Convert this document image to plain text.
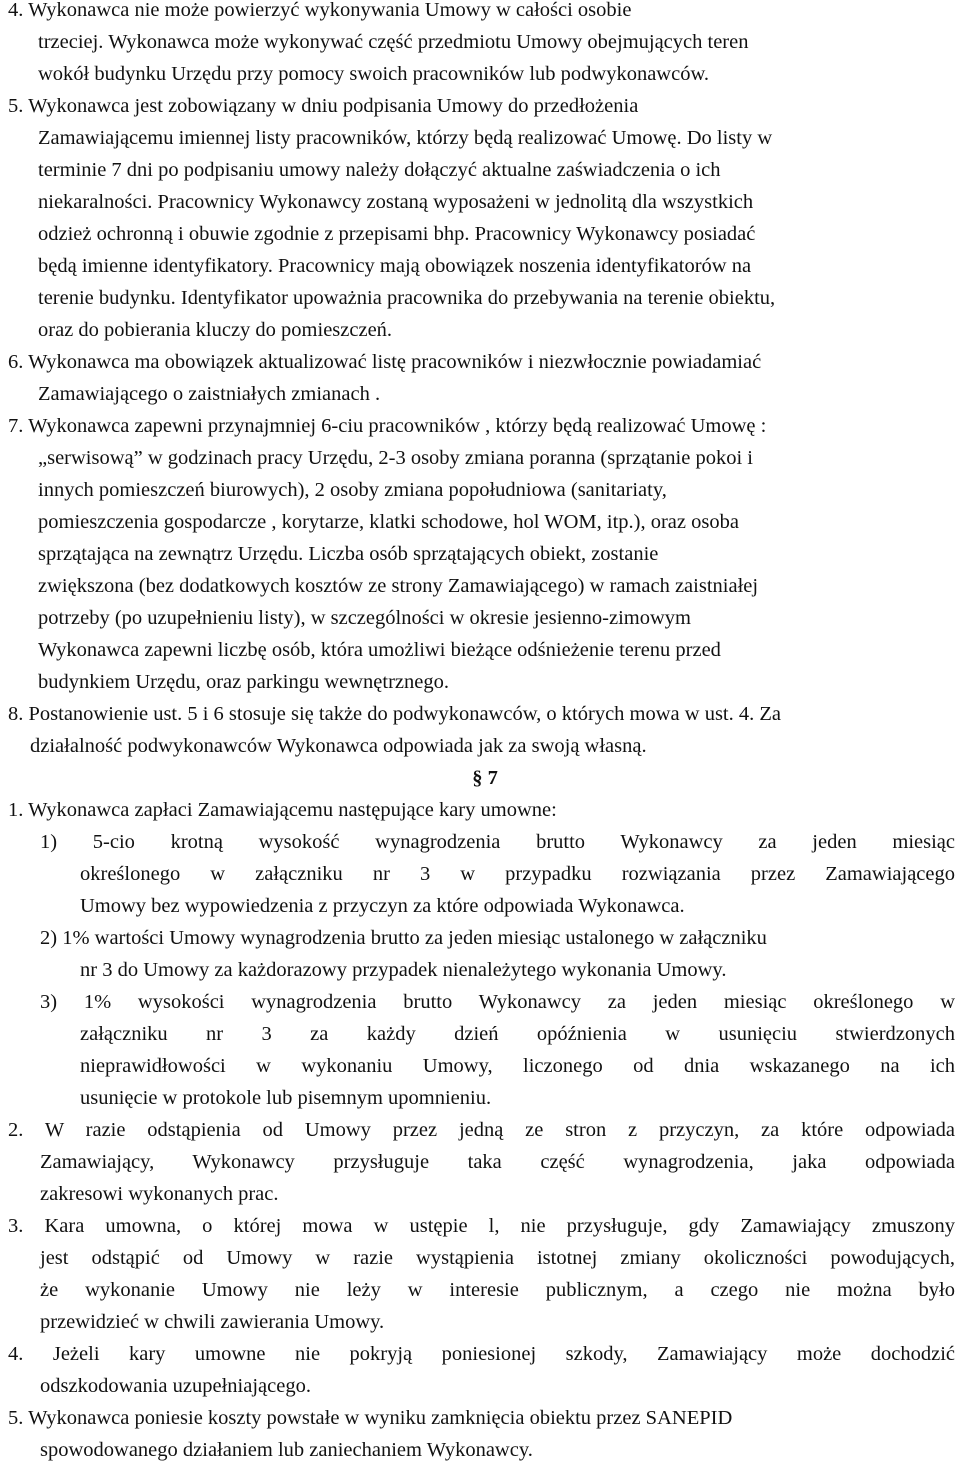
4. Wykonawca nie może powierzyć wykonywania Umowy w całości osobie
trzeciej. Wykonawca może wykonywać część przedmiotu Umowy obejmujących teren
wokół budynku Urzędu przy pomocy swoich pracowników lub podwykonawców.
5. Wykonawca jest zobowiązany w dniu podpisania Umowy do przedłożenia
Zamawiającemu imiennej listy pracowników, którzy będą realizować Umowę. Do listy w
terminie 7 dni po podpisaniu umowy należy dołączyć aktualne zaświadczenia o ich
niekaralności. Pracownicy Wykonawcy zostaną wyposażeni w jednolitą dla wszystkich
odzież ochronną i obuwie zgodnie z przepisami bhp. Pracownicy Wykonawcy posiadać
będą imienne identyfikatory. Pracownicy mają obowiązek noszenia identyfikatorów na
terenie budynku. Identyfikator upoważnia pracownika do przebywania na terenie obiektu,
oraz do pobierania kluczy do pomieszczeń.
6. Wykonawca ma obowiązek aktualizować listę pracowników i niezwłocznie powiadamiać
Zamawiającego o zaistniałych zmianach .
7. Wykonawca zapewni przynajmniej 6-ciu pracowników , którzy będą realizować Umowę :
„serwisową” w godzinach pracy Urzędu, 2-3 osoby zmiana poranna (sprzątanie pokoi i
innych pomieszczeń biurowych), 2 osoby zmiana popołudniowa (sanitariaty,
pomieszczenia gospodarcze , korytarze, klatki schodowe, hol WOM, itp.), oraz osoba
sprzątająca na zewnątrz Urzędu. Liczba osób sprzątających obiekt, zostanie
zwiększona (bez dodatkowych kosztów ze strony Zamawiającego) w ramach zaistniałej
potrzeby (po uzupełnieniu listy), w szczególności w okresie jesienno-zimowym
Wykonawca zapewni liczbę osób, która umożliwi bieżące odśnieżenie terenu przed
budynkiem Urzędu, oraz parkingu wewnętrznego.
8. Postanowienie ust. 5 i 6 stosuje się także do podwykonawców, o których mowa w ust. 4. Za
działalność podwykonawców Wykonawca odpowiada jak za swoją własną.
§ 7
1. Wykonawca zapłaci Zamawiającemu następujące kary umowne:
1) 5-cio krotną wysokość wynagrodzenia brutto Wykonawcy za jeden miesiąc
określonego w załączniku nr 3 w przypadku rozwiązania przez Zamawiającego
Umowy bez wypowiedzenia z przyczyn za które odpowiada Wykonawca.
2) 1% wartości Umowy wynagrodzenia brutto za jeden miesiąc ustalonego w załączniku
nr 3 do Umowy za każdorazowy przypadek nienależytego wykonania Umowy.
3) 1% wysokości wynagrodzenia brutto Wykonawcy za jeden miesiąc określonego w
załączniku nr 3 za każdy dzień opóźnienia w usunięciu stwierdzonych
nieprawidłowości w wykonaniu Umowy, liczonego od dnia wskazanego na ich
usunięcie w protokole lub pisemnym upomnieniu.
2. W razie odstąpienia od Umowy przez jedną ze stron z przyczyn, za które odpowiada
Zamawiający, Wykonawcy przysługuje taka część wynagrodzenia, jaka odpowiada
zakresowi wykonanych prac.
3. Kara umowna, o której mowa w ustępie l, nie przysługuje, gdy Zamawiający zmuszony
jest odstąpić od Umowy w razie wystąpienia istotnej zmiany okoliczności powodujących,
że wykonanie Umowy nie leży w interesie publicznym, a czego nie można było
przewidzieć w chwili zawierania Umowy.
4. Jeżeli kary umowne nie pokryją poniesionej szkody, Zamawiający może dochodzić
odszkodowania uzupełniającego.
5. Wykonawca poniesie koszty powstałe w wyniku zamknięcia obiektu przez SANEPID
spowodowanego działaniem lub zaniechaniem Wykonawcy.
